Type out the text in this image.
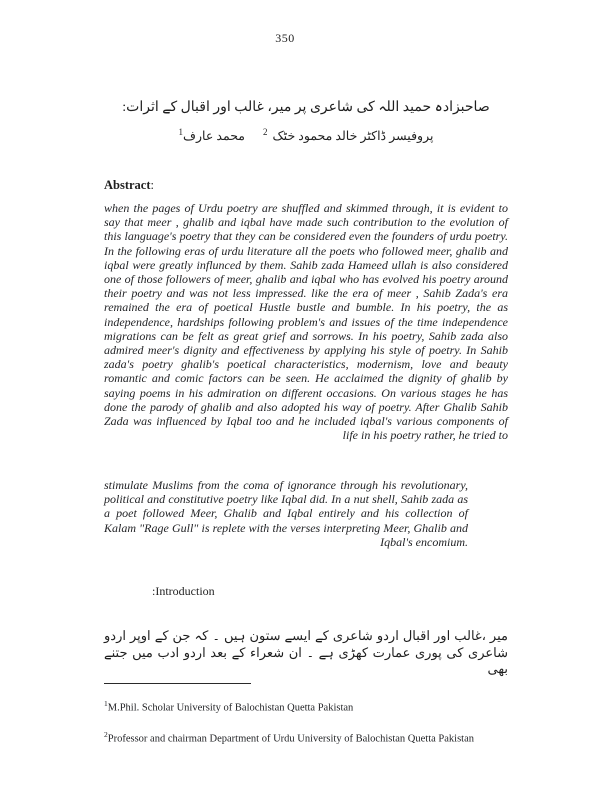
350
صاحبزادہ حمید اللہ کی شاعری پر میر، غالب اور اقبال کے اثرات:
1 محمد عارف $^2$ پروفیسر ڈاکٹر خالد محمود خٹک
Abstract:

when the pages of Urdu poetry are shuffled and skimmed through, it is evident to say that meer , ghalib and iqbal have made such contribution to the evolution of this language's poetry that they can be considered even the founders of urdu poetry. In the following eras of urdu literature all the poets who followed meer, ghalib and iqbal were greatly influnced by them. Sahib zada Hameed ullah is also considered one of those followers of meer, ghalib and iqbal who has evolved his poetry around their poetry and was not less impressed. like the era of meer , Sahib Zada's era remained the era of poetical Hustle bustle and bumble. In his poetry, the as independence, hardships following problem's and issues of the time independence migrations can be felt as great grief and sorrows. In his poetry, Sahib zada also admired meer's dignity and effectiveness by applying his style of poetry. In Sahib zada's poetry ghalib's poetical characteristics, modernism, love and beauty romantic and comic factors can be seen. He acclaimed the dignity of ghalib by saying poems in his admiration on different occasions. On various stages he has done the parody of ghalib and also adopted his way of poetry. After Ghalib Sahib Zada was influenced by Iqbal too and he included iqbal's various components of life in his poetry rather, he tried to

stimulate Muslims from the coma of ignorance through his revolutionary, political and constitutive poetry like Iqbal did. In a nut shell, Sahib zada as a poet followed Meer, Ghalib and Iqbal entirely and his collection of Kalam "Rage Gull" is replete with the verses interpreting Meer, Ghalib and Iqbal's encomium.

:Introduction
میر ،غالب اور اقبال اردو شاعری کے ایسے ستون ہیں ۔ کہ جن کے اوپر اردو شاعری کی پوری عمارت کھڑی ہے ۔ ان شعراء کے بعد اردو ادب میں جتنے بھی
$^1$M.Phil. Scholar University of Balochistan Quetta Pakistan
$^2$Professor and chairman Department of Urdu University of Balochistan Quetta Pakistan
